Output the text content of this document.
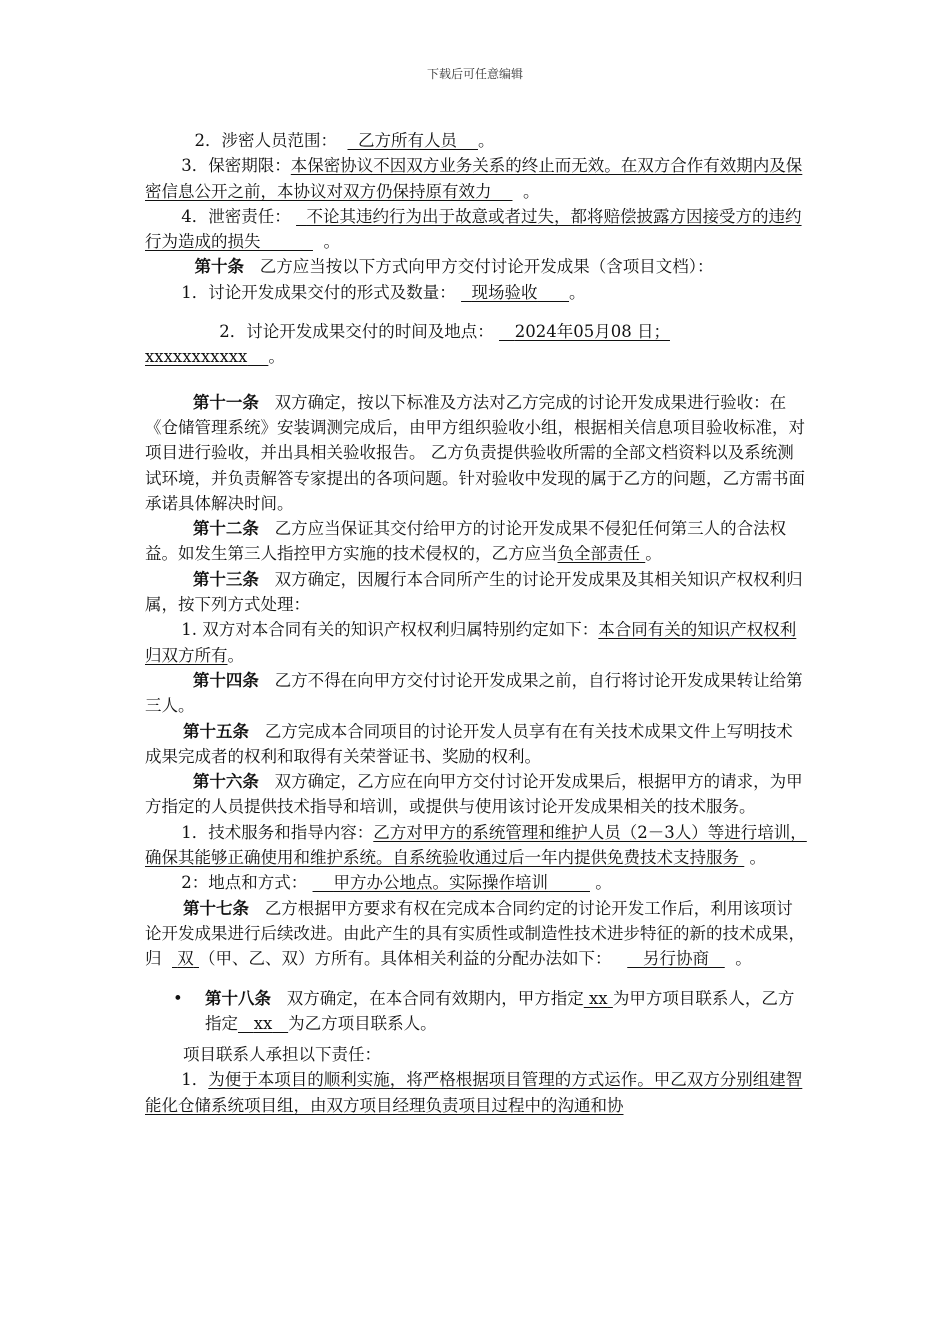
下载后可任意编辑

2．涉密人员范围： 乙方所有人员 。

3．保密期限：本保密协议不因双方业务关系的终止而无效。在双方合作有效期内及保密信息公开之前，本协议对双方仍保持原有效力 。

4．泄密责任： 不论其违约行为出于故意或者过失，都将赔偿披露方因接受方的违约行为造成的损失	。

第十条 乙方应当按以下方式向甲方交付讨论开发成果（含项目文档）：

1．讨论开发成果交付的形式及数量： 现场验收 。

2．讨论开发成果交付的时间及地点： 2024年05月08 日；xxxxxxxxxxx 。

第十一条 双方确定，按以下标准及方法对乙方完成的讨论开发成果进行验收：在《仓储管理系统》安装调测完成后，由甲方组织验收小组，根据相关信息项目验收标准，对项目进行验收，并出具相关验收报告。 乙方负责提供验收所需的全部文档资料以及系统测试环境，并负责解答专家提出的各项问题。针对验收中发现的属于乙方的问题，乙方需书面承诺具体解决时间。

第十二条 乙方应当保证其交付给甲方的讨论开发成果不侵犯任何第三人的合法权益。如发生第三人指控甲方实施的技术侵权的，乙方应当负全部责任 。

第十三条 双方确定，因履行本合同所产生的讨论开发成果及其相关知识产权权利归属，按下列方式处理：

1. 双方对本合同有关的知识产权权利归属特别约定如下：本合同有关的知识产权权利归双方所有。

第十四条 乙方不得在向甲方交付讨论开发成果之前，自行将讨论开发成果转让给第三人。

第十五条 乙方完成本合同项目的讨论开发人员享有在有关技术成果文件上写明技术成果完成者的权利和取得有关荣誉证书、奖励的权利。

第十六条 双方确定，乙方应在向甲方交付讨论开发成果后，根据甲方的请求，为甲方指定的人员提供技术指导和培训，或提供与使用该讨论开发成果相关的技术服务。

1．技术服务和指导内容：乙方对甲方的系统管理和维护人员（2－3人）等进行培训，确保其能够正确使用和维护系统。自系统验收通过后一年内提供免费技术支持服务 。

2：地点和方式： 甲方办公地点。实际操作培训	。

第十七条 乙方根据甲方要求有权在完成本合同约定的讨论开发工作后，利用该项讨论开发成果进行后续改进。由此产生的具有实质性或制造性技术进步特征的新的技术成果，归 双 （甲、乙、双）方所有。具体相关利益的分配办法如下： 另行协商 。

• 第十八条 双方确定，在本合同有效期内，甲方指定 xx 为甲方项目联系人，乙方指定 xx 为乙方项目联系人。

项目联系人承担以下责任：

1．为便于本项目的顺利实施，将严格根据项目管理的方式运作。甲乙双方分别组建智能化仓储系统项目组，由双方项目经理负责项目过程中的沟通和协
